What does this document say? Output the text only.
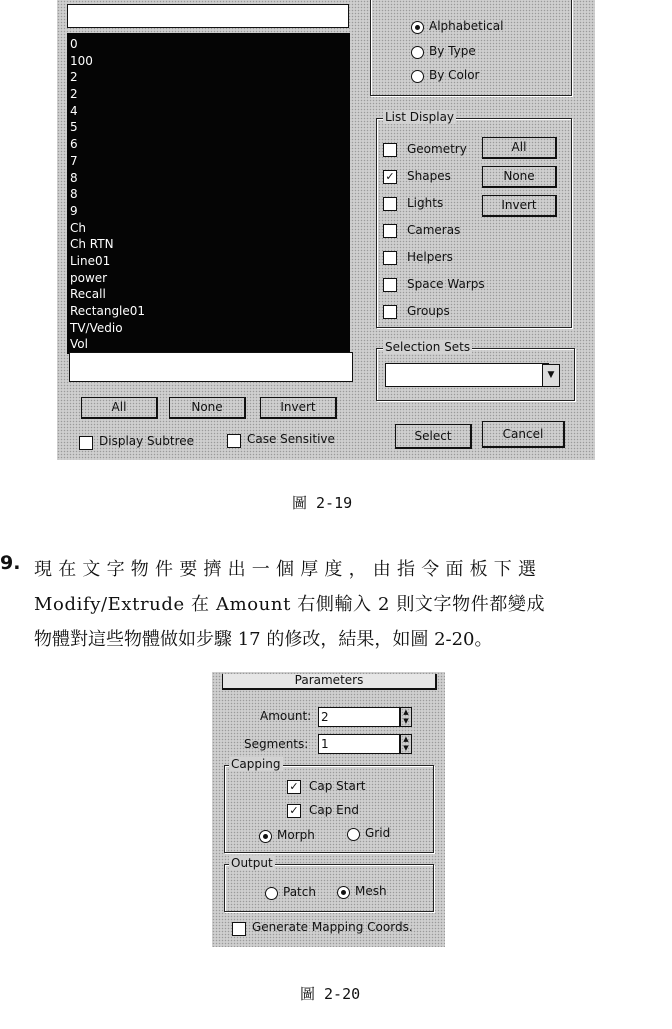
0
100
2
2
4
5
6
7
8
8
9
Ch
Ch RTN
Line01
power
Recall
Rectangle01
TV/Vedio
Vol
Alphabetical
By Type
By Color
List Display
Geometry
✓ Shapes
Lights
Cameras
Helpers
Space Warps
Groups
All
None
Invert
Selection Sets
▼
All	None	Invert
Display Subtree	Case Sensitive	Select	Cancel
圖 2-19
9. 現在文字物件要擠出一個厚度，由指令面板下選
Modify/Extrude 在 Amount 右側輸入 2 則文字物件都變成
物體對這些物體做如步驟 17 的修改，結果，如圖 2-20。
Parameters
Amount: 2	▲
▼
Segments: 1	▲
▼
Capping
✓ Cap Start
✓ Cap End
Morph	Grid
Output
Patch	Mesh
Generate Mapping Coords.
圖 2-20
